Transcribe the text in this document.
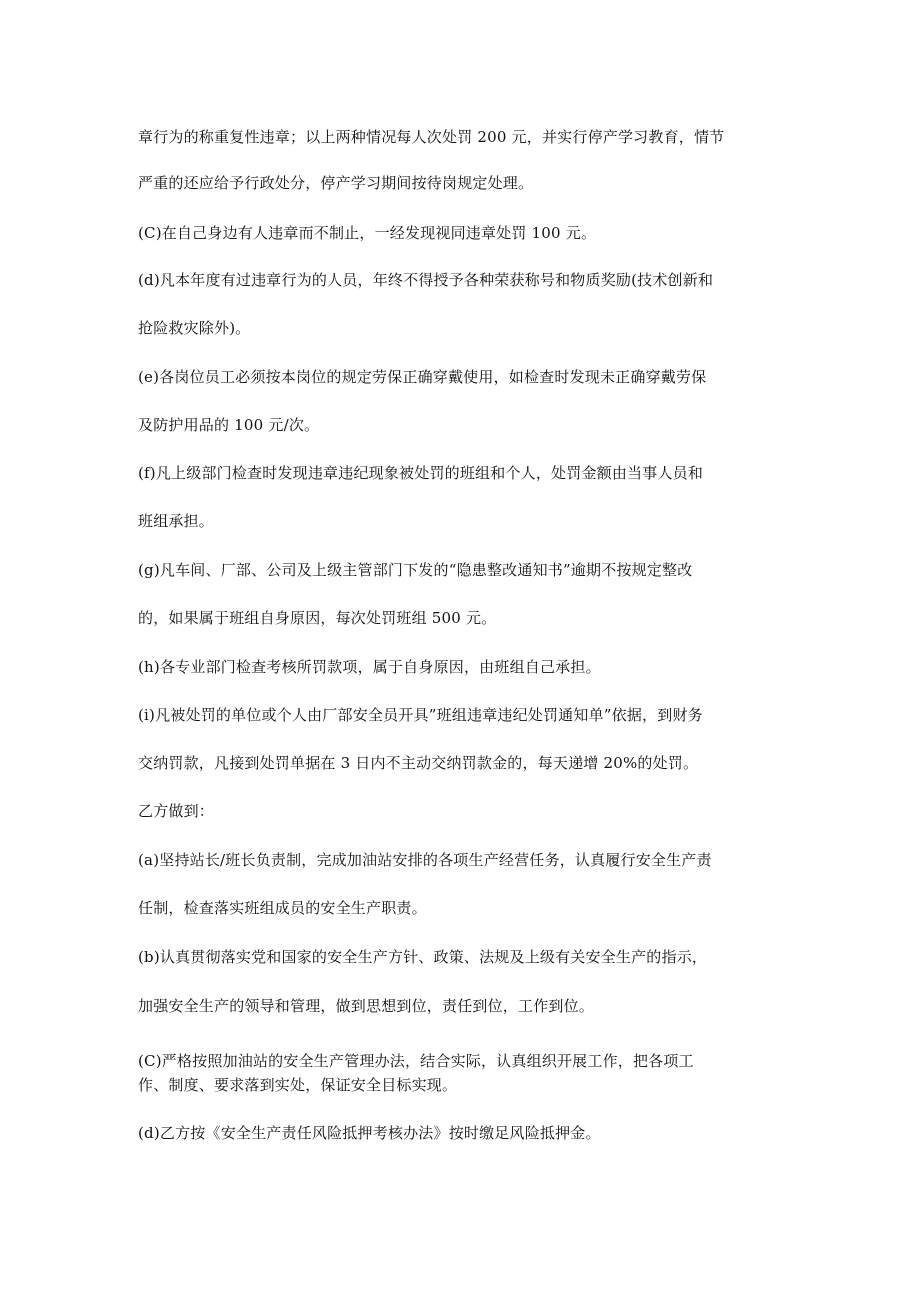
章行为的称重复性违章；以上两种情况每人次处罚 200 元，并实行停产学习教育，情节
严重的还应给予行政处分，停产学习期间按待岗规定处理。
(C)在自己身边有人违章而不制止，一经发现视同违章处罚 100 元。
(d)凡本年度有过违章行为的人员，年终不得授予各种荣获称号和物质奖励(技术创新和
抢险救灾除外)。
(e)各岗位员工必须按本岗位的规定劳保正确穿戴使用，如检查时发现未正确穿戴劳保
及防护用品的 100 元/次。
(f)凡上级部门检查时发现违章违纪现象被处罚的班组和个人，处罚金额由当事人员和
班组承担。
(g)凡车间、厂部、公司及上级主管部门下发的“隐患整改通知书”逾期不按规定整改
的，如果属于班组自身原因，每次处罚班组 500 元。
(h)各专业部门检查考核所罚款项，属于自身原因，由班组自己承担。
(i)凡被处罚的单位或个人由厂部安全员开具”班组违章违纪处罚通知单”依据，到财务
交纳罚款，凡接到处罚单据在 3 日内不主动交纳罚款金的，每天递增 20%的处罚。
乙方做到：
(a)坚持站长/班长负责制，完成加油站安排的各项生产经营任务，认真履行安全生产责
任制，检查落实班组成员的安全生产职责。
(b)认真贯彻落实党和国家的安全生产方针、政策、法规及上级有关安全生产的指示，
加强安全生产的领导和管理，做到思想到位，责任到位，工作到位。
(C)严格按照加油站的安全生产管理办法，结合实际，认真组织开展工作，把各项工
作、制度、要求落到实处，保证安全目标实现。
(d)乙方按《安全生产责任风险抵押考核办法》按时缴足风险抵押金。
